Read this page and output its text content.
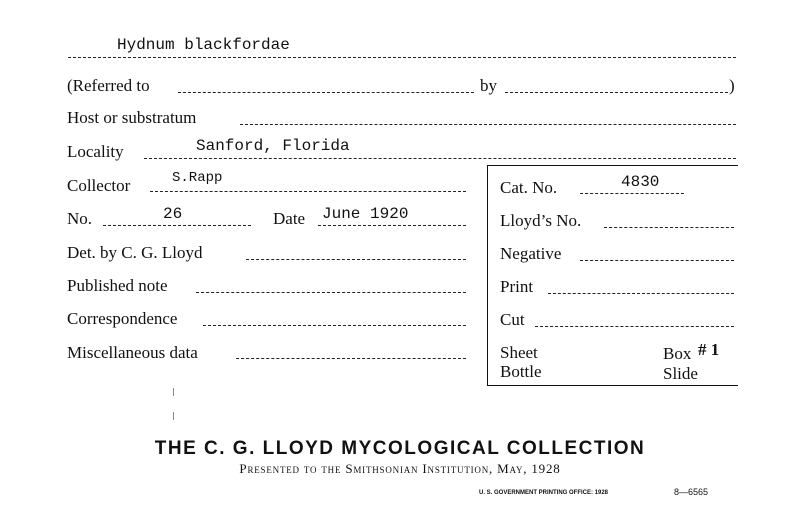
Hydnum blackfordae
(Referred to	by	)
Host or substratum
Locality	Sanford, Florida
Collector	S.Rapp
No.	26	Date June 1920
Det. by C. G. Lloyd
Published note
Correspondence
Miscellaneous data
Cat. No.	4830
Lloyd’s No.
Negative
Print
Cut
Sheet
Bottle
Box # 1
Slide
THE C. G. LLOYD MYCOLOGICAL COLLECTION
Presented to the Smithsonian Institution, May, 1928
U. S. GOVERNMENT PRINTING OFFICE: 1928	8—6565
